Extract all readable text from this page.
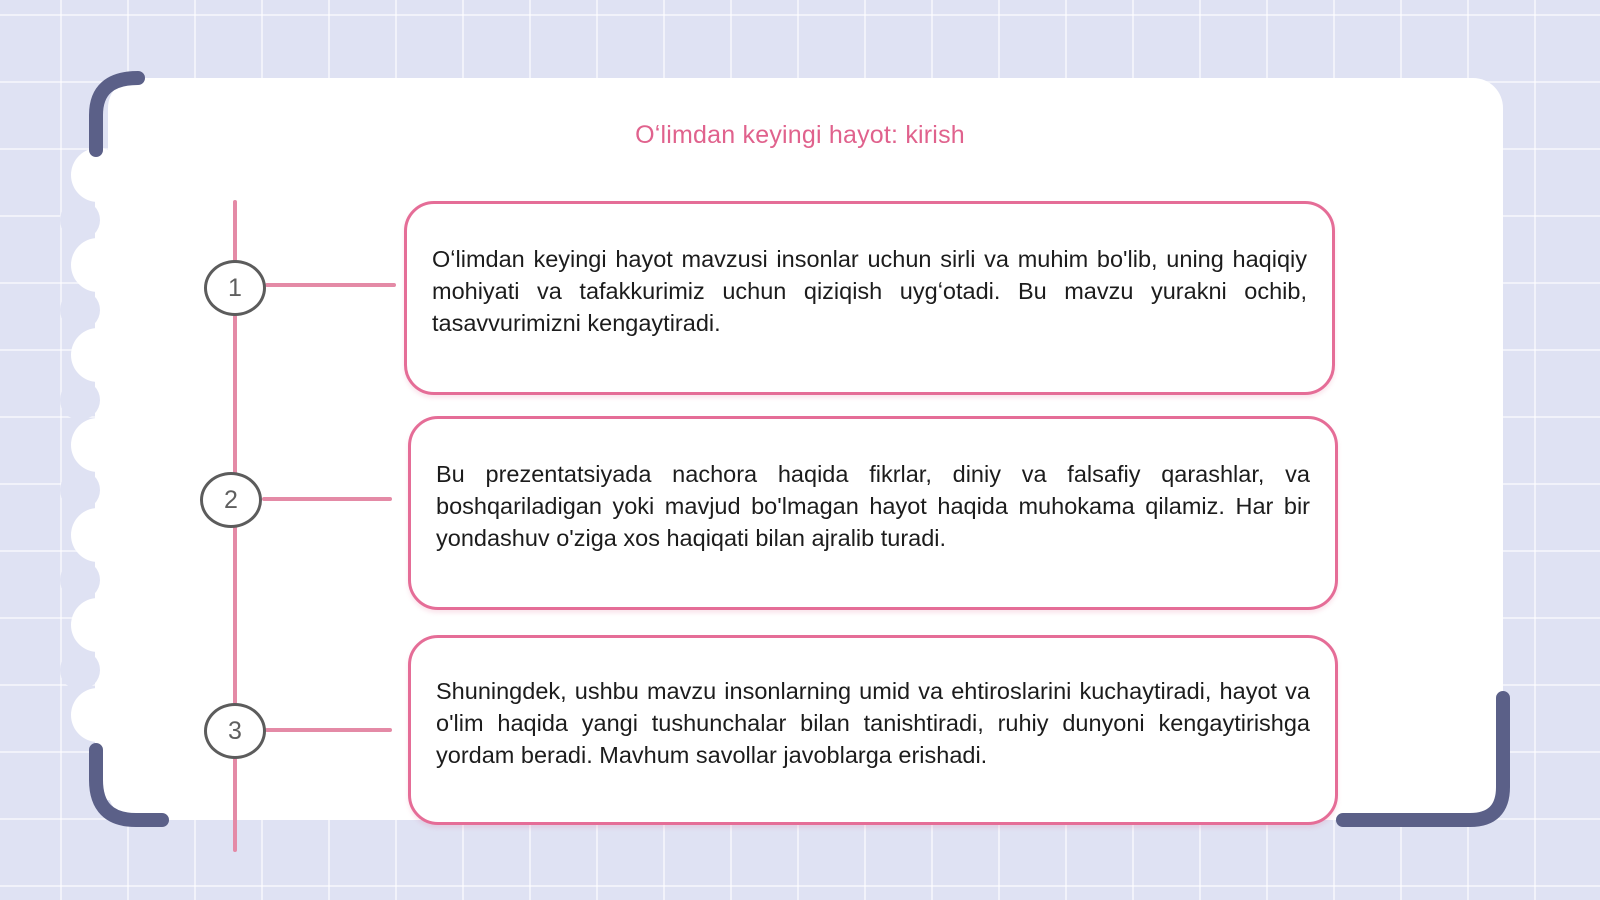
Oʻlimdan keyingi hayot: kirish
1
Oʻlimdan keyingi hayot mavzusi insonlar uchun sirli va muhim bo'lib, uning haqiqiy mohiyati va tafakkurimiz uchun qiziqish uygʻotadi. Bu mavzu yurakni ochib, tasavvurimizni kengaytiradi.
2
Bu prezentatsiyada nachora haqida fikrlar, diniy va falsafiy qarashlar, va boshqariladigan yoki mavjud bo'lmagan hayot haqida muhokama qilamiz. Har bir yondashuv o'ziga xos haqiqati bilan ajralib turadi.
3
Shuningdek, ushbu mavzu insonlarning umid va ehtiroslarini kuchaytiradi, hayot va o'lim haqida yangi tushunchalar bilan tanishtiradi, ruhiy dunyoni kengaytirishga yordam beradi. Mavhum savollar javoblarga erishadi.
